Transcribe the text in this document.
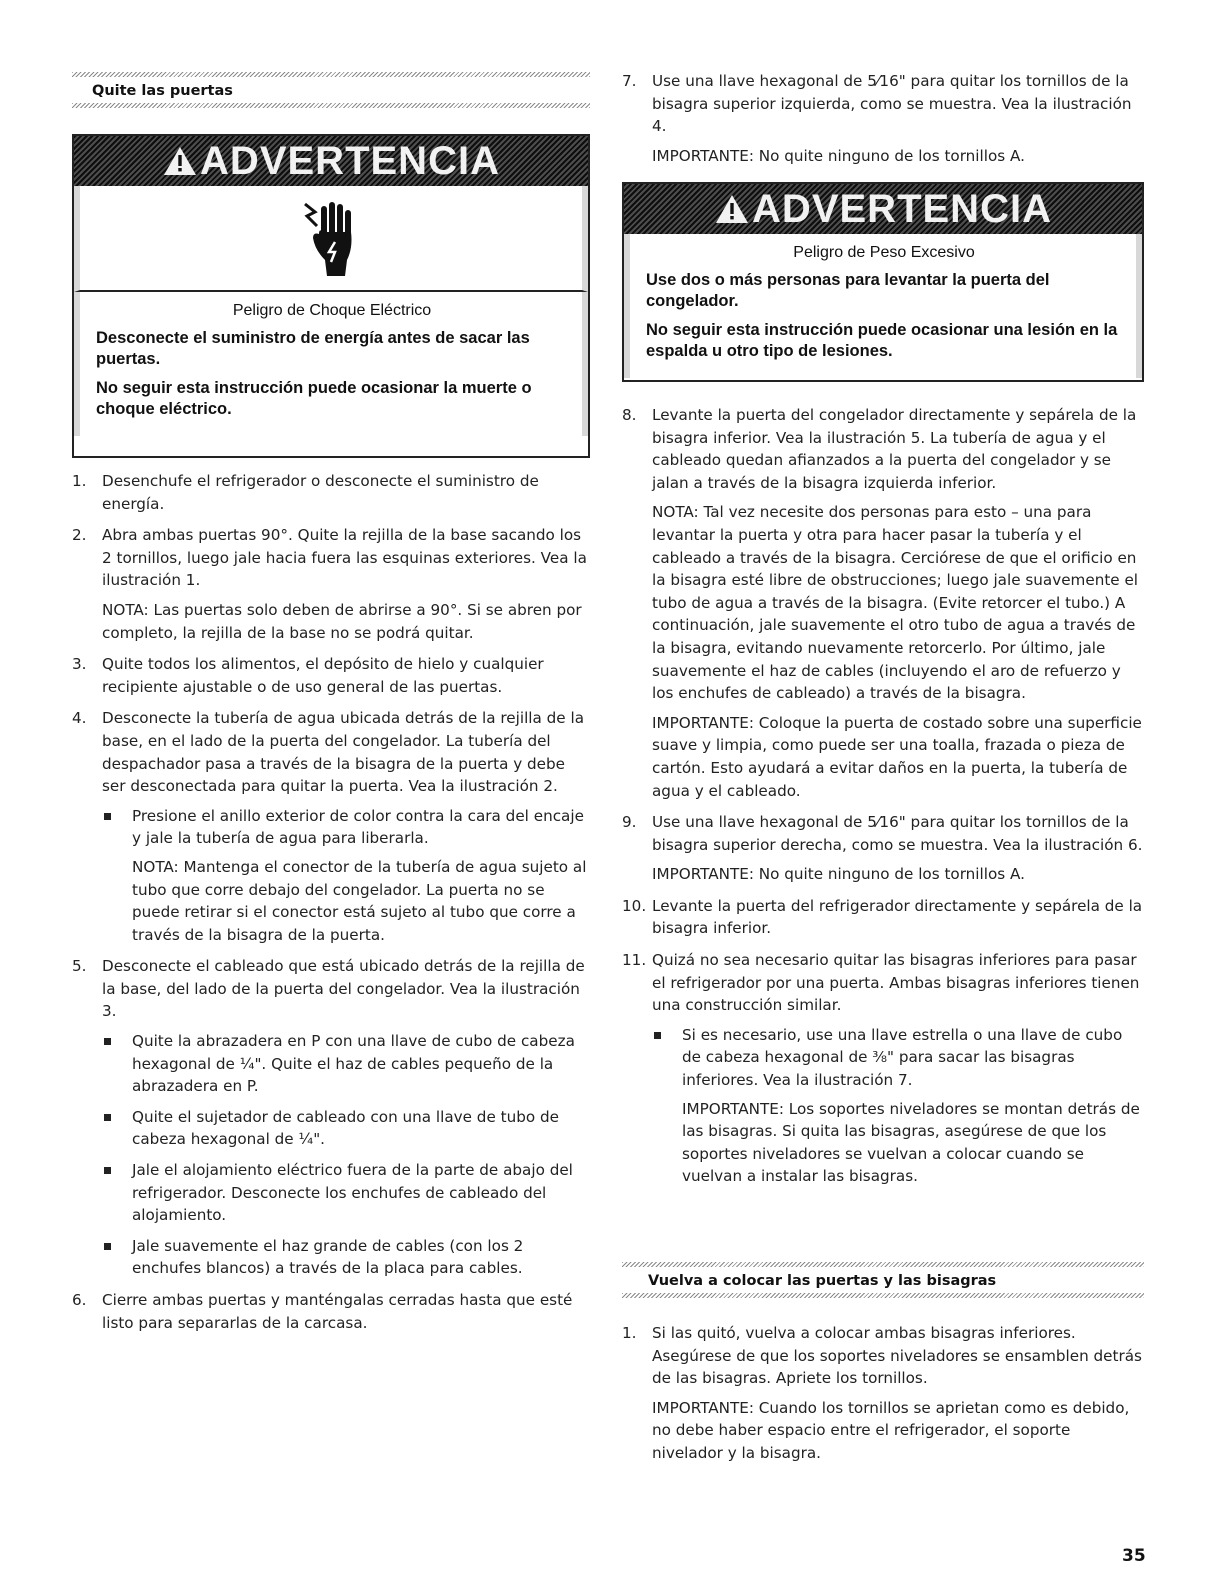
Quite las puertas
ADVERTENCIA

Peligro de Choque Eléctrico

Desconecte el suministro de energía antes de sacar las puertas.

No seguir esta instrucción puede ocasionar la muerte o choque eléctrico.

1. Desenchufe el refrigerador o desconecte el suministro de energía.

2. Abra ambas puertas 90°. Quite la rejilla de la base sacando los 2 tornillos, luego jale hacia fuera las esquinas exteriores. Vea la ilustración 1.

NOTA: Las puertas solo deben de abrirse a 90°. Si se abren por completo, la rejilla de la base no se podrá quitar.

3. Quite todos los alimentos, el depósito de hielo y cualquier recipiente ajustable o de uso general de las puertas.

4. Desconecte la tubería de agua ubicada detrás de la rejilla de la base, en el lado de la puerta del congelador. La tubería del despachador pasa a través de la bisagra de la puerta y debe ser desconectada para quitar la puerta. Vea la ilustración 2.

Presione el anillo exterior de color contra la cara del encaje y jale la tubería de agua para liberarla.

NOTA: Mantenga el conector de la tubería de agua sujeto al tubo que corre debajo del congelador. La puerta no se puede retirar si el conector está sujeto al tubo que corre a través de la bisagra de la puerta.

5. Desconecte el cableado que está ubicado detrás de la rejilla de la base, del lado de la puerta del congelador. Vea la ilustración 3.

Quite la abrazadera en P con una llave de cubo de cabeza hexagonal de ¼". Quite el haz de cables pequeño de la abrazadera en P.

Quite el sujetador de cableado con una llave de tubo de cabeza hexagonal de ¼".

Jale el alojamiento eléctrico fuera de la parte de abajo del refrigerador. Desconecte los enchufes de cableado del alojamiento.

Jale suavemente el haz grande de cables (con los 2 enchufes blancos) a través de la placa para cables.

6. Cierre ambas puertas y manténgalas cerradas hasta que esté listo para separarlas de la carcasa.

7. Use una llave hexagonal de 5⁄16" para quitar los tornillos de la bisagra superior izquierda, como se muestra. Vea la ilustración 4.

IMPORTANTE: No quite ninguno de los tornillos A.

ADVERTENCIA

Peligro de Peso Excesivo

Use dos o más personas para levantar la puerta del congelador.

No seguir esta instrucción puede ocasionar una lesión en la espalda u otro tipo de lesiones.

8. Levante la puerta del congelador directamente y sepárela de la bisagra inferior. Vea la ilustración 5. La tubería de agua y el cableado quedan afianzados a la puerta del congelador y se jalan a través de la bisagra izquierda inferior.

NOTA: Tal vez necesite dos personas para esto – una para levantar la puerta y otra para hacer pasar la tubería y el cableado a través de la bisagra. Cerciórese de que el orificio en la bisagra esté libre de obstrucciones; luego jale suavemente el tubo de agua a través de la bisagra. (Evite retorcer el tubo.) A continuación, jale suavemente el otro tubo de agua a través de la bisagra, evitando nuevamente retorcerlo. Por último, jale suavemente el haz de cables (incluyendo el aro de refuerzo y los enchufes de cableado) a través de la bisagra.

IMPORTANTE: Coloque la puerta de costado sobre una superficie suave y limpia, como puede ser una toalla, frazada o pieza de cartón. Esto ayudará a evitar daños en la puerta, la tubería de agua y el cableado.

9. Use una llave hexagonal de 5⁄16" para quitar los tornillos de la bisagra superior derecha, como se muestra. Vea la ilustración 6.

IMPORTANTE: No quite ninguno de los tornillos A.

10. Levante la puerta del refrigerador directamente y sepárela de la bisagra inferior.

11. Quizá no sea necesario quitar las bisagras inferiores para pasar el refrigerador por una puerta. Ambas bisagras inferiores tienen una construcción similar.

Si es necesario, use una llave estrella o una llave de cubo de cabeza hexagonal de ⅜" para sacar las bisagras inferiores. Vea la ilustración 7.

IMPORTANTE: Los soportes niveladores se montan detrás de las bisagras. Si quita las bisagras, asegúrese de que los soportes niveladores se vuelvan a colocar cuando se vuelvan a instalar las bisagras.

Vuelva a colocar las puertas y las bisagras
1. Si las quitó, vuelva a colocar ambas bisagras inferiores. Asegúrese de que los soportes niveladores se ensamblen detrás de las bisagras. Apriete los tornillos.

IMPORTANTE: Cuando los tornillos se aprietan como es debido, no debe haber espacio entre el refrigerador, el soporte nivelador y la bisagra.

35
